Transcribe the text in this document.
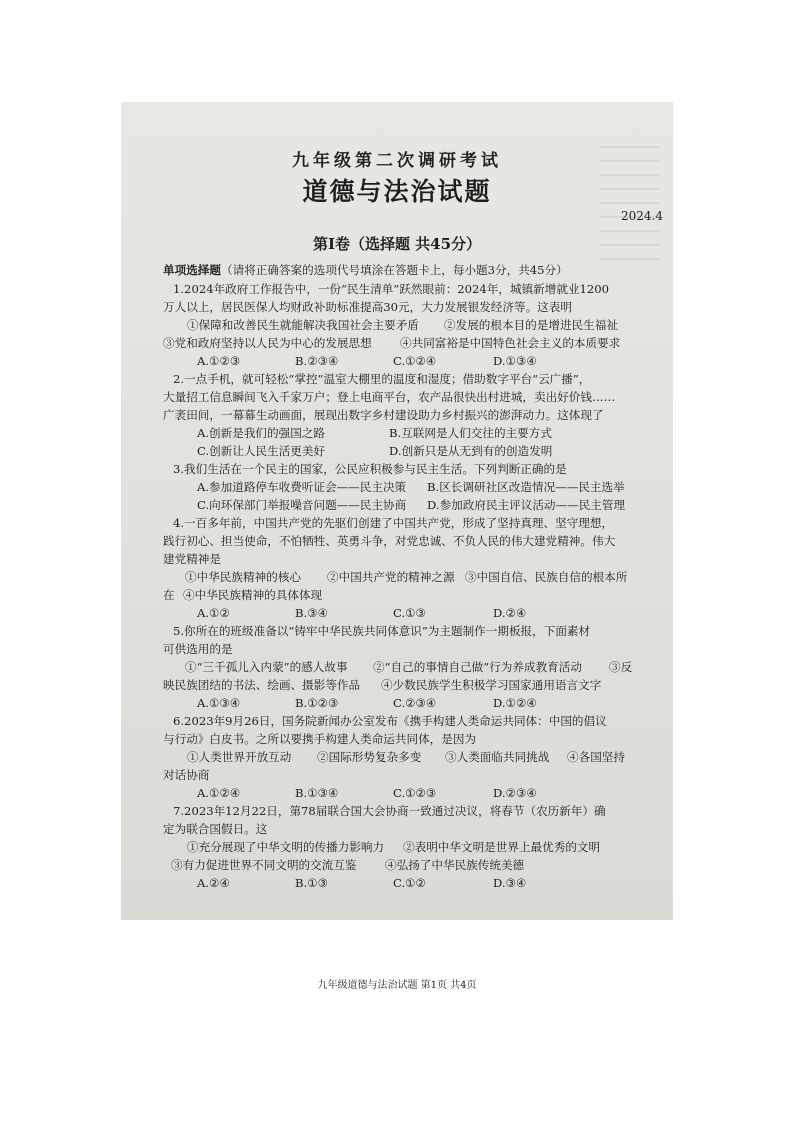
九年级第二次调研考试
道德与法治试题
2024.4
第Ⅰ卷（选择题 共45分）
单项选择题（请将正确答案的选项代号填涂在答题卡上，每小题3分，共45分）
1.2024年政府工作报告中，一份“民生清单”跃然眼前：2024年，城镇新增就业1200
万人以上，居民医保人均财政补助标准提高30元，大力发展银发经济等。这表明
①保障和改善民生就能解决我国社会主要矛盾 ②发展的根本目的是增进民生福祉
③党和政府坚持以人民为中心的发展思想 ④共同富裕是中国特色社会主义的本质要求
A.①②③	B.②③④	C.①②④	D.①③④
2.一点手机，就可轻松“掌控”温室大棚里的温度和湿度；借助数字平台“云广播”，
大量招工信息瞬间飞入千家万户；登上电商平台，农产品很快出村进城，卖出好价钱……
广袤田间，一幕幕生动画面，展现出数字乡村建设助力乡村振兴的澎湃动力。这体现了
A.创新是我们的强国之路	B.互联网是人们交往的主要方式
C.创新让人民生活更美好	D.创新只是从无到有的创造发明
3.我们生活在一个民主的国家，公民应积极参与民主生活。下列判断正确的是
A.参加道路停车收费听证会——民主决策 B.区长调研社区改造情况——民主选举
C.向环保部门举报噪音问题——民主协商 D.参加政府民主评议活动——民主管理
4.一百多年前，中国共产党的先驱们创建了中国共产党，形成了坚持真理、坚守理想，
践行初心、担当使命，不怕牺牲、英勇斗争，对党忠诚、不负人民的伟大建党精神。伟大
建党精神是
①中华民族精神的核心 ②中国共产党的精神之源 ③中国自信、民族自信的根本所
在 ④中华民族精神的具体体现
A.①②	B.③④	C.①③	D.②④
5.你所在的班级准备以“铸牢中华民族共同体意识”为主题制作一期板报，下面素材
可供选用的是
①“三千孤儿入内蒙”的感人故事 ②“自己的事情自己做”行为养成教育活动 ③反
映民族团结的书法、绘画、摄影等作品 ④少数民族学生积极学习国家通用语言文字
A.①③④	B.①②③	C.②③④	D.①②④
6.2023年9月26日，国务院新闻办公室发布《携手构建人类命运共同体：中国的倡议
与行动》白皮书。之所以要携手构建人类命运共同体，是因为
①人类世界开放互动 ②国际形势复杂多变 ③人类面临共同挑战 ④各国坚持
对话协商
A.①②④	B.①③④	C.①②③	D.②③④
7.2023年12月22日，第78届联合国大会协商一致通过决议，将春节（农历新年）确
定为联合国假日。这
①充分展现了中华文明的传播力影响力 ②表明中华文明是世界上最优秀的文明
③有力促进世界不同文明的交流互鉴 ④弘扬了中华民族传统美德
A.②④	B.①③	C.①②	D.③④
九年级道德与法治试题 第1页 共4页
